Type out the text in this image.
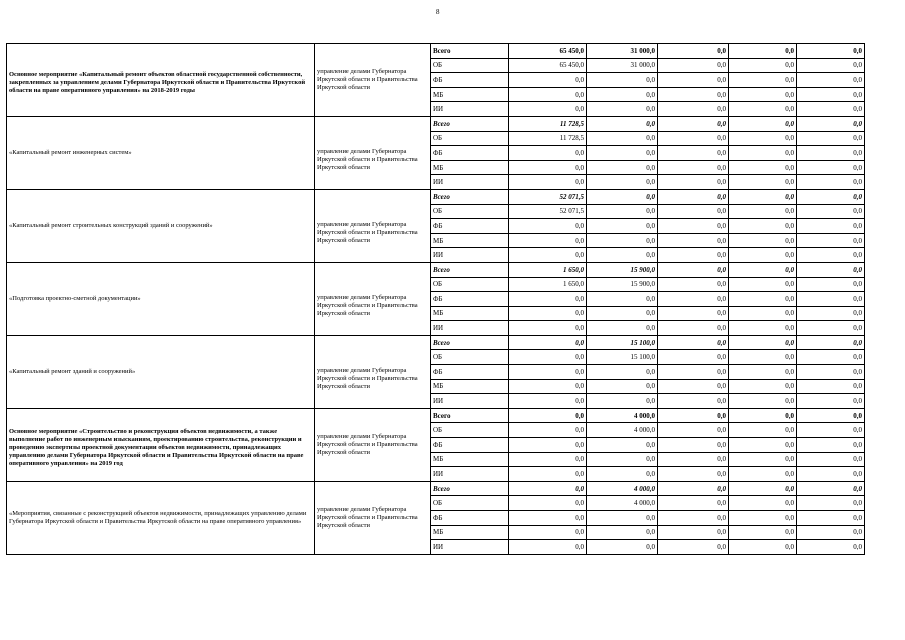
8
Основное мероприятие «Капитальный ремонт объектов областной государственной собственности, закрепленных за управлением делами Губернатора Иркутской области и Правительства Иркутской области на праве оперативного управления» на 2018-2019 годы	управление делами Губернатора Иркутской области и Правительства Иркутской области	Всего	65 450,0	31 000,0	0,0	0,0	0,0
		ОБ	65 450,0	31 000,0	0,0	0,0	0,0
		ФБ	0,0	0,0	0,0	0,0	0,0
		МБ	0,0	0,0	0,0	0,0	0,0
		ИИ	0,0	0,0	0,0	0,0	0,0

«Капитальный ремонт инженерных систем»	управление делами Губернатора Иркутской области и Правительства Иркутской области	Всего	11 728,5	0,0	0,0	0,0	0,0
		ОБ	11 728,5	0,0	0,0	0,0	0,0
		ФБ	0,0	0,0	0,0	0,0	0,0
		МБ	0,0	0,0	0,0	0,0	0,0
		ИИ	0,0	0,0	0,0	0,0	0,0

«Капитальный ремонт строительных конструкций зданий и сооружений»	управление делами Губернатора Иркутской области и Правительства Иркутской области	Всего	52 071,5	0,0	0,0	0,0	0,0
		ОБ	52 071,5	0,0	0,0	0,0	0,0
		ФБ	0,0	0,0	0,0	0,0	0,0
		МБ	0,0	0,0	0,0	0,0	0,0
		ИИ	0,0	0,0	0,0	0,0	0,0

«Подготовка проектно-сметной документации»	управление делами Губернатора Иркутской области и Правительства Иркутской области	Всего	1 650,0	15 900,0	0,0	0,0	0,0
		ОБ	1 650,0	15 900,0	0,0	0,0	0,0
		ФБ	0,0	0,0	0,0	0,0	0,0
		МБ	0,0	0,0	0,0	0,0	0,0
		ИИ	0,0	0,0	0,0	0,0	0,0

«Капитальный ремонт зданий и сооружений»	управление делами Губернатора Иркутской области и Правительства Иркутской области	Всего	0,0	15 100,0	0,0	0,0	0,0
		ОБ	0,0	15 100,0	0,0	0,0	0,0
		ФБ	0,0	0,0	0,0	0,0	0,0
		МБ	0,0	0,0	0,0	0,0	0,0
		ИИ	0,0	0,0	0,0	0,0	0,0

Основное мероприятие «Строительство и реконструкция объектов недвижимости, а также выполнение работ по инженерным изысканиям, проектированию строительства, реконструкции и проведению экспертизы проектной документации объектов недвижимости, принадлежащих управлению делами Губернатора Иркутской области и Правительства Иркутской области на праве оперативного управления» на 2019 год	управление делами Губернатора Иркутской области и Правительства Иркутской области	Всего	0,0	4 000,0	0,0	0,0	0,0
		ОБ	0,0	4 000,0	0,0	0,0	0,0
		ФБ	0,0	0,0	0,0	0,0	0,0
		МБ	0,0	0,0	0,0	0,0	0,0
		ИИ	0,0	0,0	0,0	0,0	0,0

«Мероприятия, связанные с реконструкцией объектов недвижимости, принадлежащих управлению делами Губернатора Иркутской области и Правительства Иркутской области на праве оперативного управления»	управление делами Губернатора Иркутской области и Правительства Иркутской области	Всего	0,0	4 000,0	0,0	0,0	0,0
		ОБ	0,0	4 000,0	0,0	0,0	0,0
		ФБ	0,0	0,0	0,0	0,0	0,0
		МБ	0,0	0,0	0,0	0,0	0,0
		ИИ	0,0	0,0	0,0	0,0	0,0
